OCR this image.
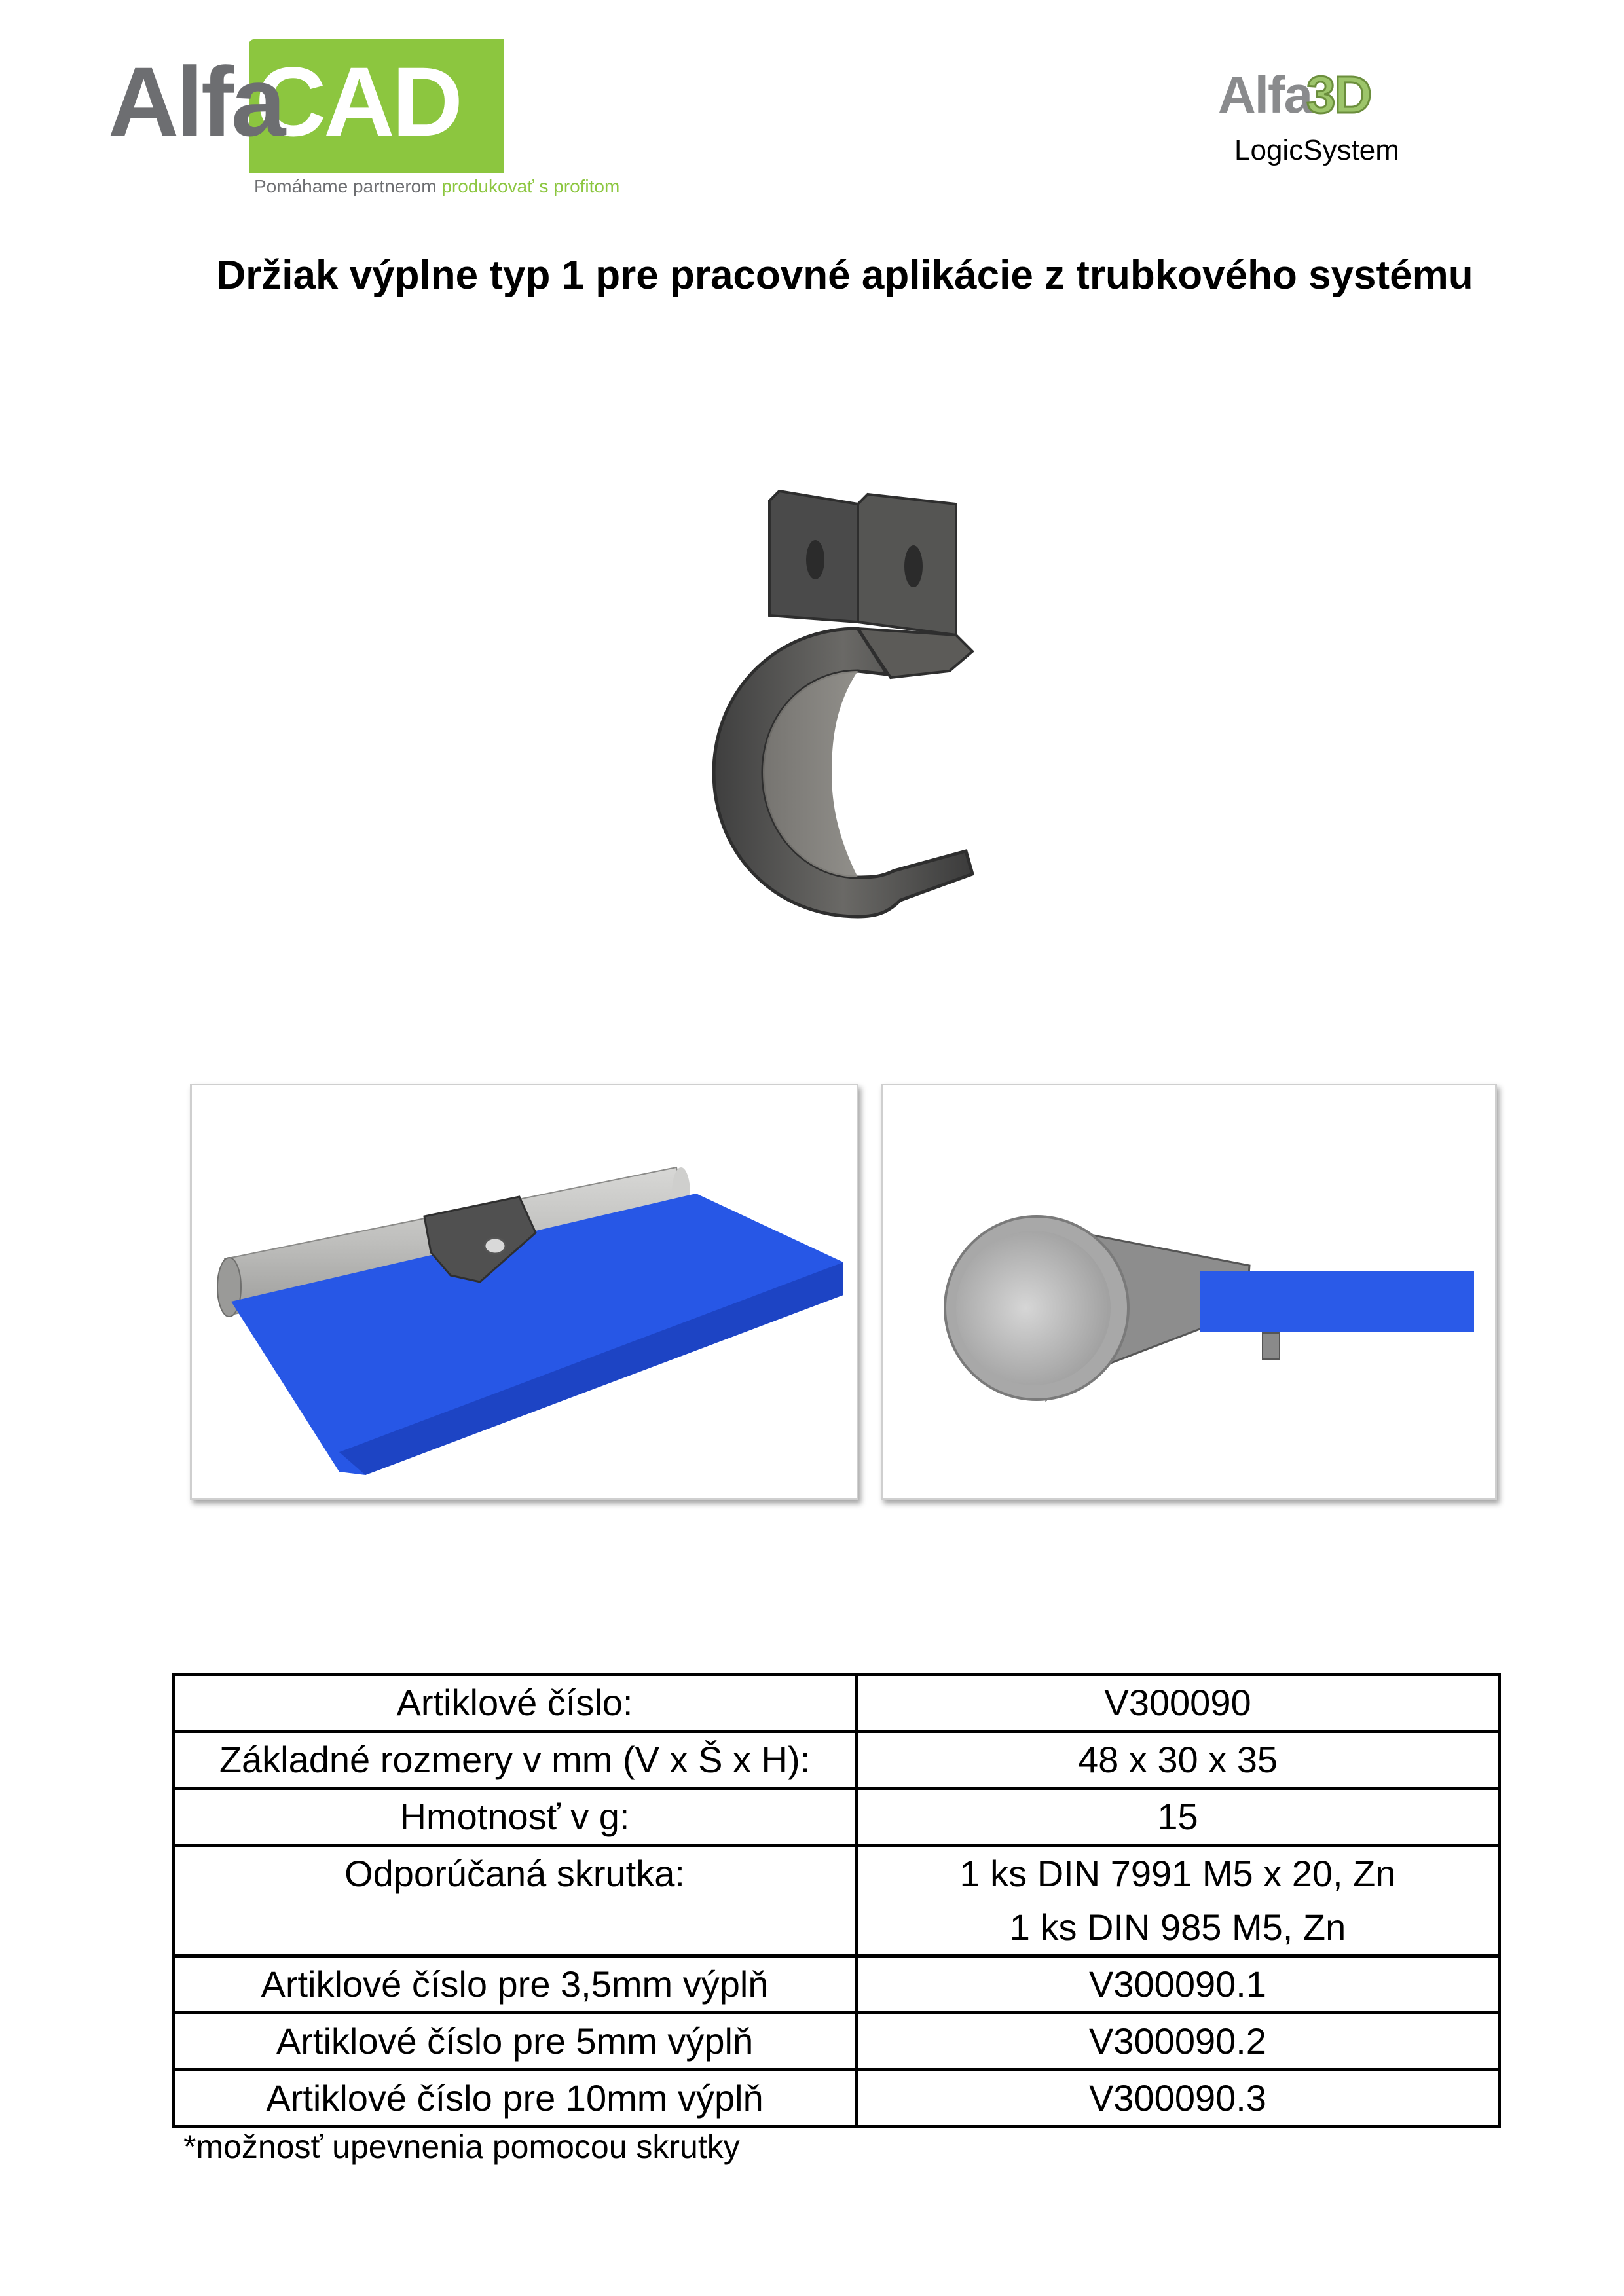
CAD
Alfa
Pomáhame partnerom produkovať s profitom
Alfa
3D
LogicSystem
Držiak výplne typ 1 pre pracovné aplikácie z trubkového systému
Artiklové číslo:	V300090
Základné rozmery v mm (V x Š x H):	48 x 30 x 35
Hmotnosť v g:	15
Odporúčaná skrutka:	1 ks DIN 7991 M5 x 20, Zn
1 ks DIN 985 M5, Zn

Artiklové číslo pre 3,5mm výplň	V300090.1
Artiklové číslo pre 5mm výplň	V300090.2
Artiklové číslo pre 10mm výplň	V300090.3
*možnosť upevnenia pomocou skrutky
